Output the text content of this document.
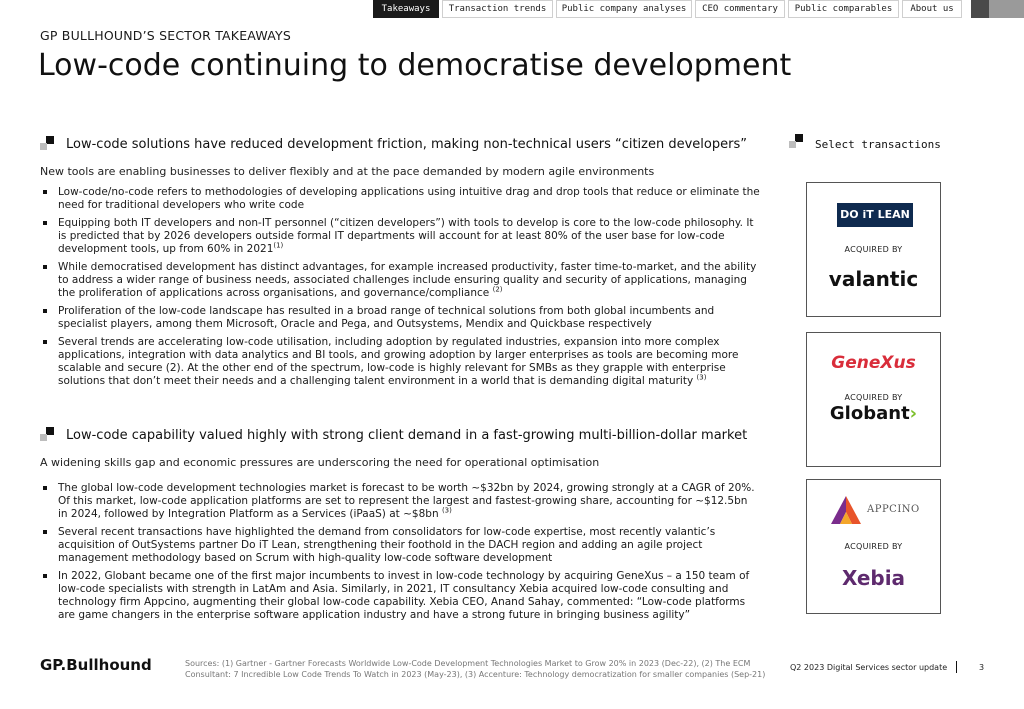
Takeaways	Transaction trends	Public company analyses	CEO commentary	Public comparables	About us
GP BULLHOUND’S SECTOR TAKEAWAYS
Low-code continuing to democratise development
Low-code solutions have reduced development friction, making non-technical users “citizen developers”
New tools are enabling businesses to deliver flexibly and at the pace demanded by modern agile environments
Low-code/no-code refers to methodologies of developing applications using intuitive drag and drop tools that reduce or eliminate the need for traditional developers who write code
Equipping both IT developers and non-IT personnel (“citizen developers”) with tools to develop is core to the low-code philosophy. It is predicted that by 2026 developers outside formal IT departments will account for at least 80% of the user base for low-code development tools, up from 60% in 2021$^{(1)}$
While democratised development has distinct advantages, for example increased productivity, faster time-to-market, and the ability to address a wider range of business needs, associated challenges include ensuring quality and security of applications, managing the proliferation of applications across organisations, and governance/compliance $^{(2)}$
Proliferation of the low-code landscape has resulted in a broad range of technical solutions from both global incumbents and specialist players, among them Microsoft, Oracle and Pega, and Outsystems, Mendix and Quickbase respectively
Several trends are accelerating low-code utilisation, including adoption by regulated industries, expansion into more complex applications, integration with data analytics and BI tools, and growing adoption by larger enterprises as tools are becoming more scalable and secure (2). At the other end of the spectrum, low-code is highly relevant for SMBs as they grapple with enterprise solutions that don’t meet their needs and a challenging talent environment in a world that is demanding digital maturity $^{(3)}$
Low-code capability valued highly with strong client demand in a fast-growing multi-billion-dollar market
A widening skills gap and economic pressures are underscoring the need for operational optimisation
The global low-code development technologies market is forecast to be worth ~$32bn by 2024, growing strongly at a CAGR of 20%. Of this market, low-code application platforms are set to represent the largest and fastest-growing share, accounting for ~$12.5bn in 2024, followed by Integration Platform as a Services (iPaaS) at ~$8bn $^{(3)}$
Several recent transactions have highlighted the demand from consolidators for low-code expertise, most recently valantic’s acquisition of OutSystems partner Do iT Lean, strengthening their foothold in the DACH region and adding an agile project management methodology based on Scrum with high-quality low-code software development
In 2022, Globant became one of the first major incumbents to invest in low-code technology by acquiring GeneXus – a 150 team of low-code specialists with strength in LatAm and Asia. Similarly, in 2021, IT consultancy Xebia acquired low-code consulting and technology firm Appcino, augmenting their global low-code capability. Xebia CEO, Anand Sahay, commented: “Low-code platforms are game changers in the enterprise software application industry and have a strong future in bringing business agility”
Select transactions
DO iT LEAN
ACQUIRED BY
valantic
GeneXus
ACQUIRED BY
Globant›
APPCINO
ACQUIRED BY
Xebia
GP.Bullhound	Sources: (1) Gartner - Gartner Forecasts Worldwide Low-Code Development Technologies Market to Grow 20% in 2023 (Dec-22), (2) The ECM Consultant: 7 Incredible Low Code Trends To Watch in 2023 (May-23), (3) Accenture: Technology democratization for smaller companies (Sep-21)
Q2 2023 Digital Services sector update	3
